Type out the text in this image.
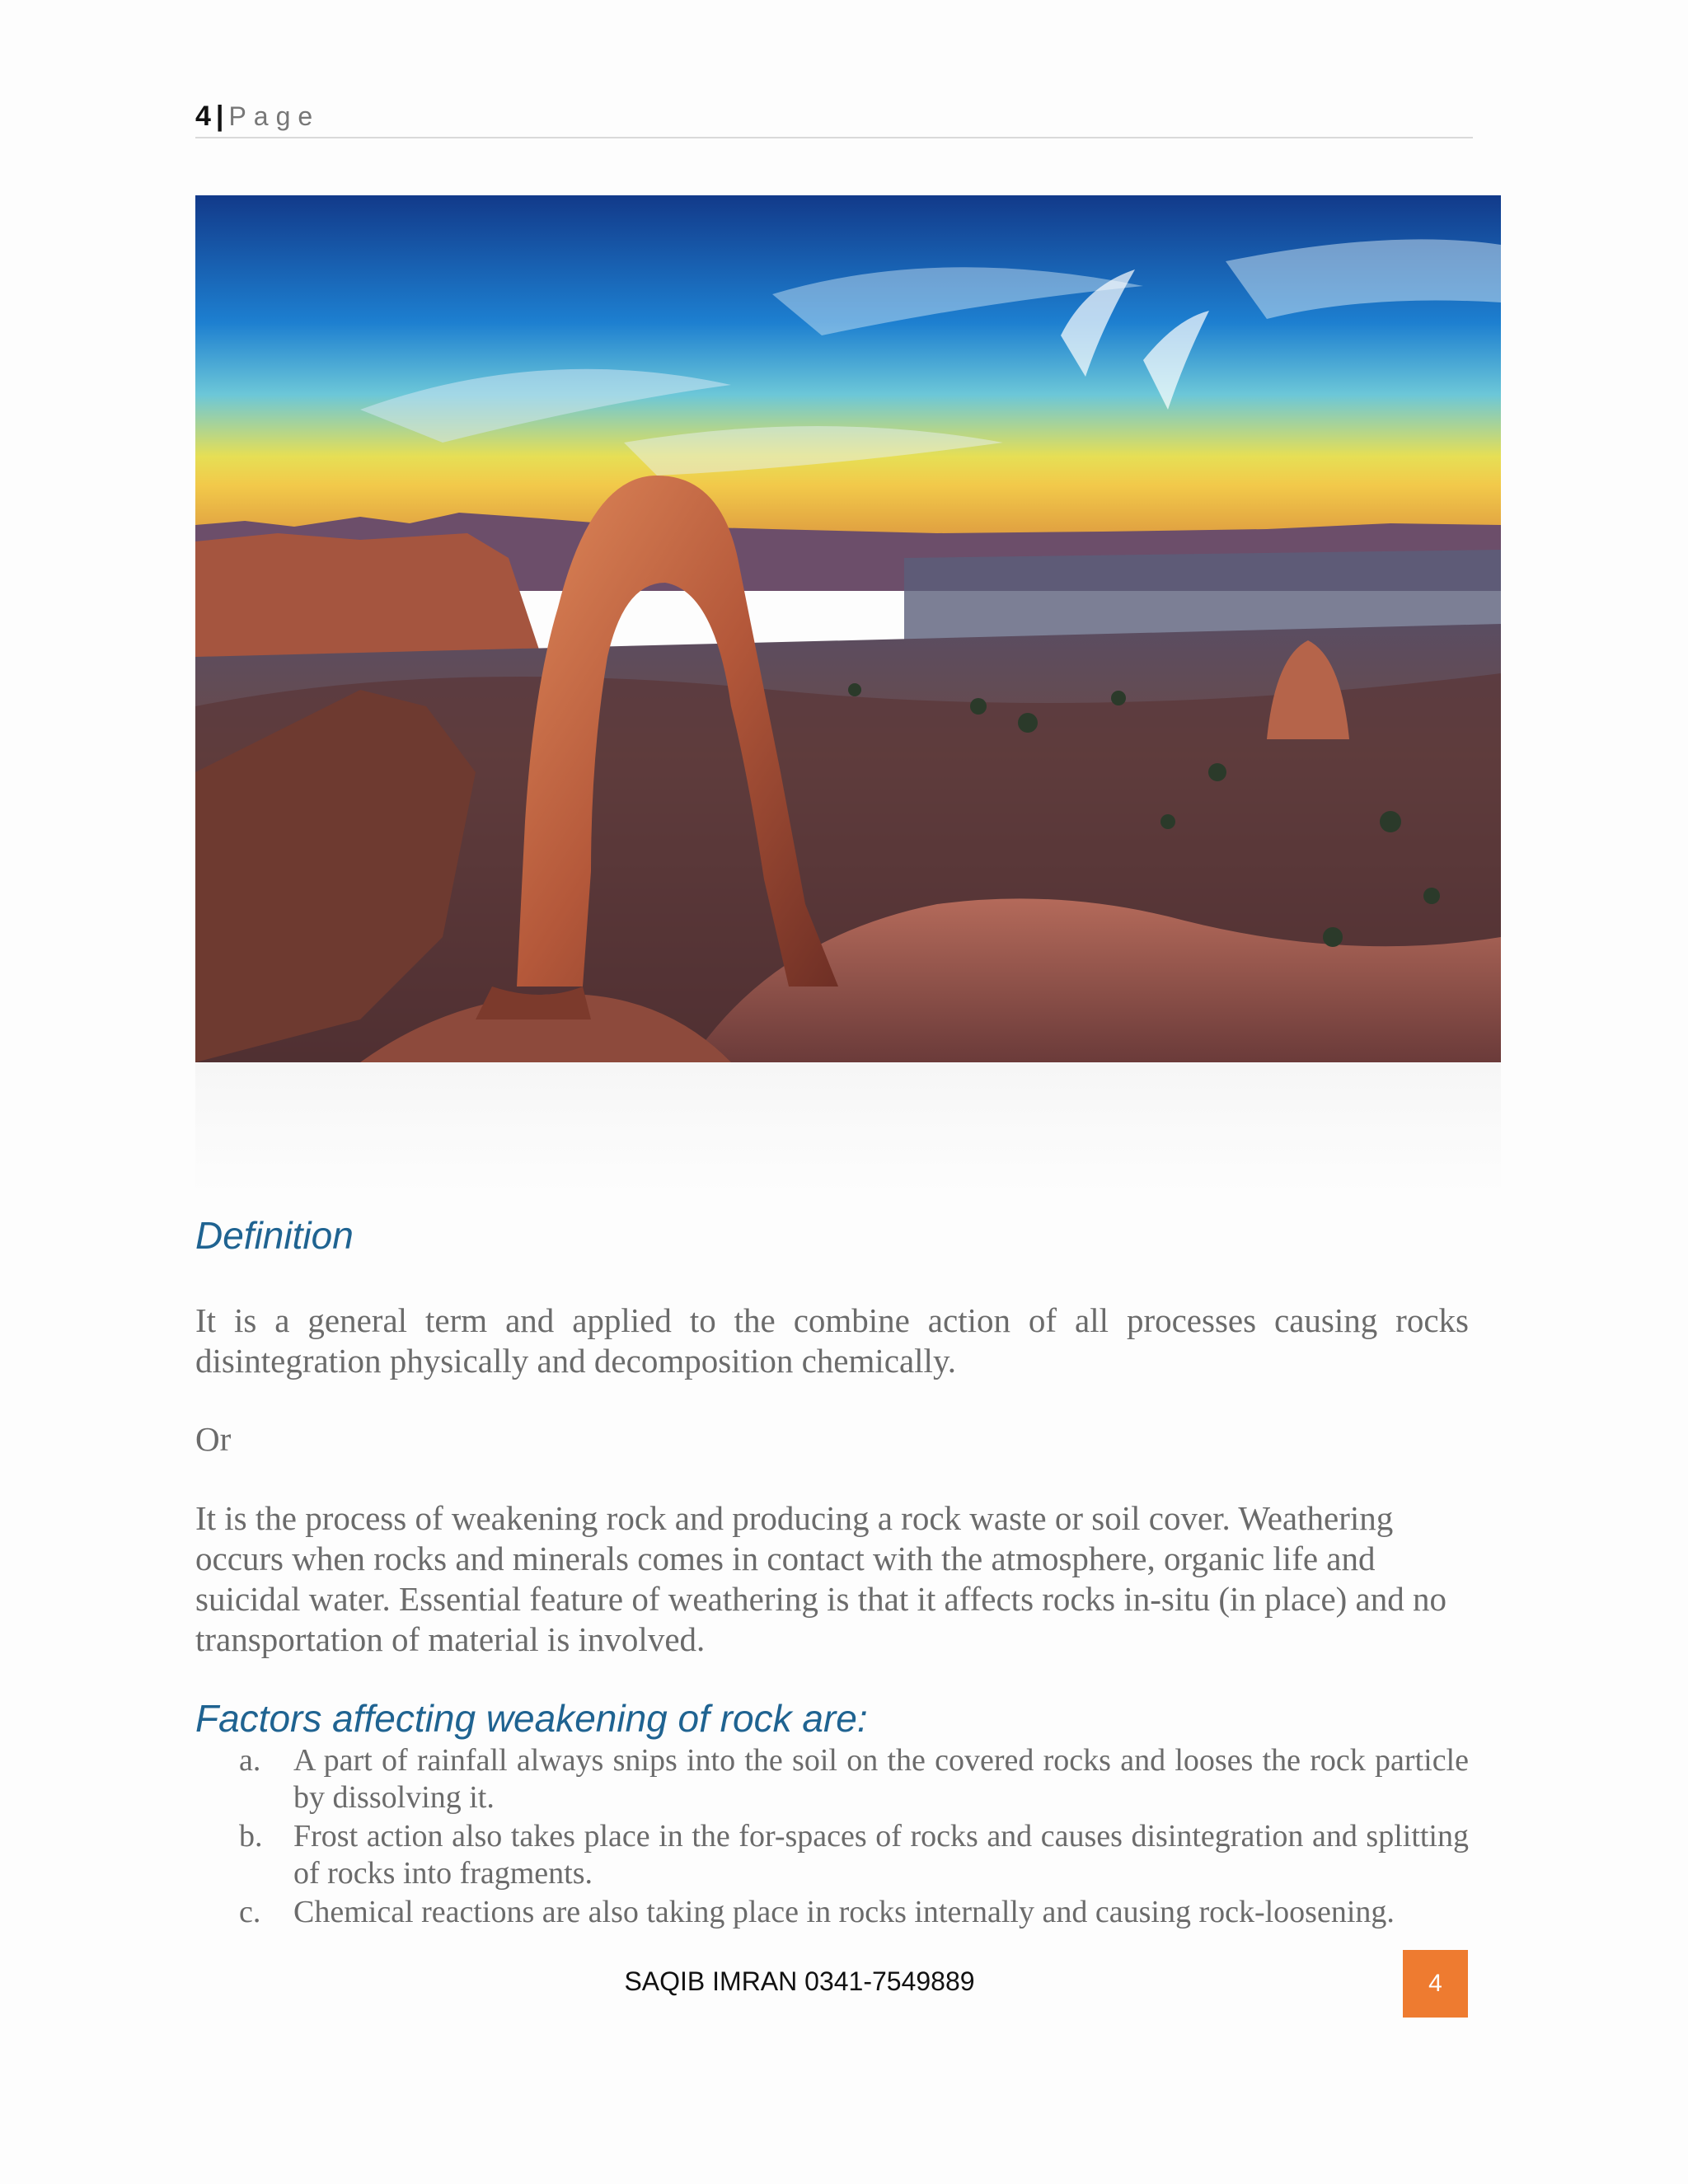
4 | Page
Definition
It is a general term and applied to the combine action of all processes causing rocks disintegration physically and decomposition chemically.
Or
It is the process of weakening rock and producing a rock waste or soil cover. Weathering occurs when rocks and minerals comes in contact with the atmosphere, organic life and suicidal water. Essential feature of weathering is that it affects rocks in-situ (in place) and no transportation of material is involved.
Factors affecting weakening of rock are:
a.	A part of rainfall always snips into the soil on the covered rocks and looses the rock particle by dissolving it.
b. Frost action also takes place in the for-spaces of rocks and causes disintegration and splitting of rocks into fragments.
c.	Chemical reactions are also taking place in rocks internally and causing rock-loosening.
SAQIB IMRAN 0341-7549889	4
